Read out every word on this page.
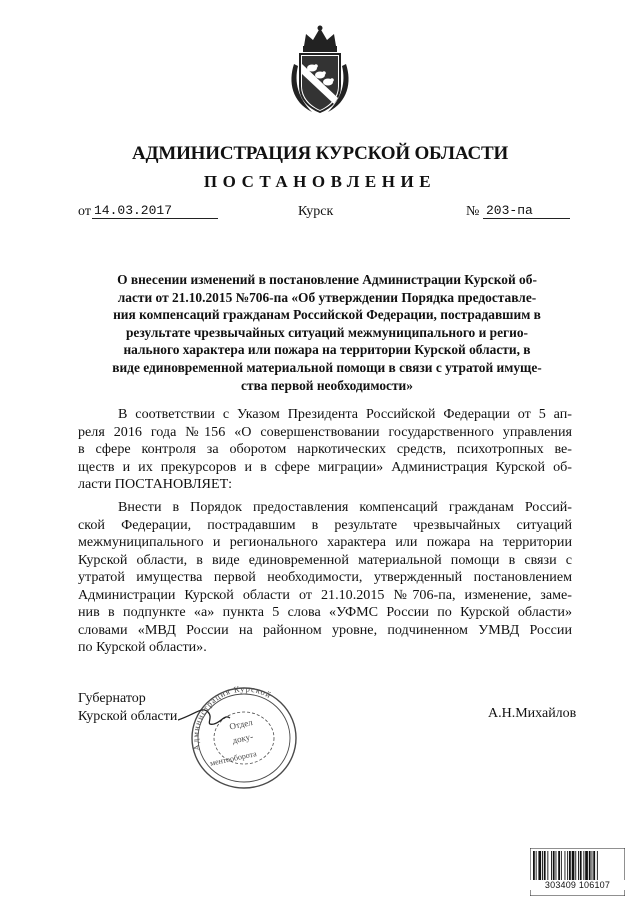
АДМИНИСТРАЦИЯ КУРСКОЙ ОБЛАСТИ
ПОСТАНОВЛЕНИЕ
от 14.03.2017	Курск	№ 203-па

О внесении изменений в постановление Администрации Курской об-
ласти от 21.10.2015 №706-па «Об утверждении Порядка предоставле-
ния компенсаций гражданам Российской Федерации, пострадавшим в
результате чрезвычайных ситуаций межмуниципального и регио-
нального характера или пожара на территории Курской области, в
виде единовременной материальной помощи в связи с утратой имуще-
ства первой необходимости»

В соответствии с Указом Президента Российской Федерации от 5 ап-
реля 2016 года №156 «О совершенствовании государственного управления
в сфере контроля за оборотом наркотических средств, психотропных ве-
ществ и их прекурсоров и в сфере миграции» Администрация Курской об-
ласти ПОСТАНОВЛЯЕТ:

Внести в Порядок предоставления компенсаций гражданам Россий-
ской Федерации, пострадавшим в результате чрезвычайных ситуаций
межмуниципального и регионального характера или пожара на территории
Курской области, в виде единовременной материальной помощи в связи с
утратой имущества первой необходимости, утвержденный постановлением
Администрации Курской области от 21.10.2015 №706-па, изменение, заме-
нив в подпункте «а» пункта 5 слова «УФМС России по Курской области»
словами «МВД России на районном уровне, подчиненном УМВД России
по Курской области».

Губернатор
Курской области	А.Н.Михайлов
Администрация Курской
Отдел
доку-
ментооборота
303409 106107
